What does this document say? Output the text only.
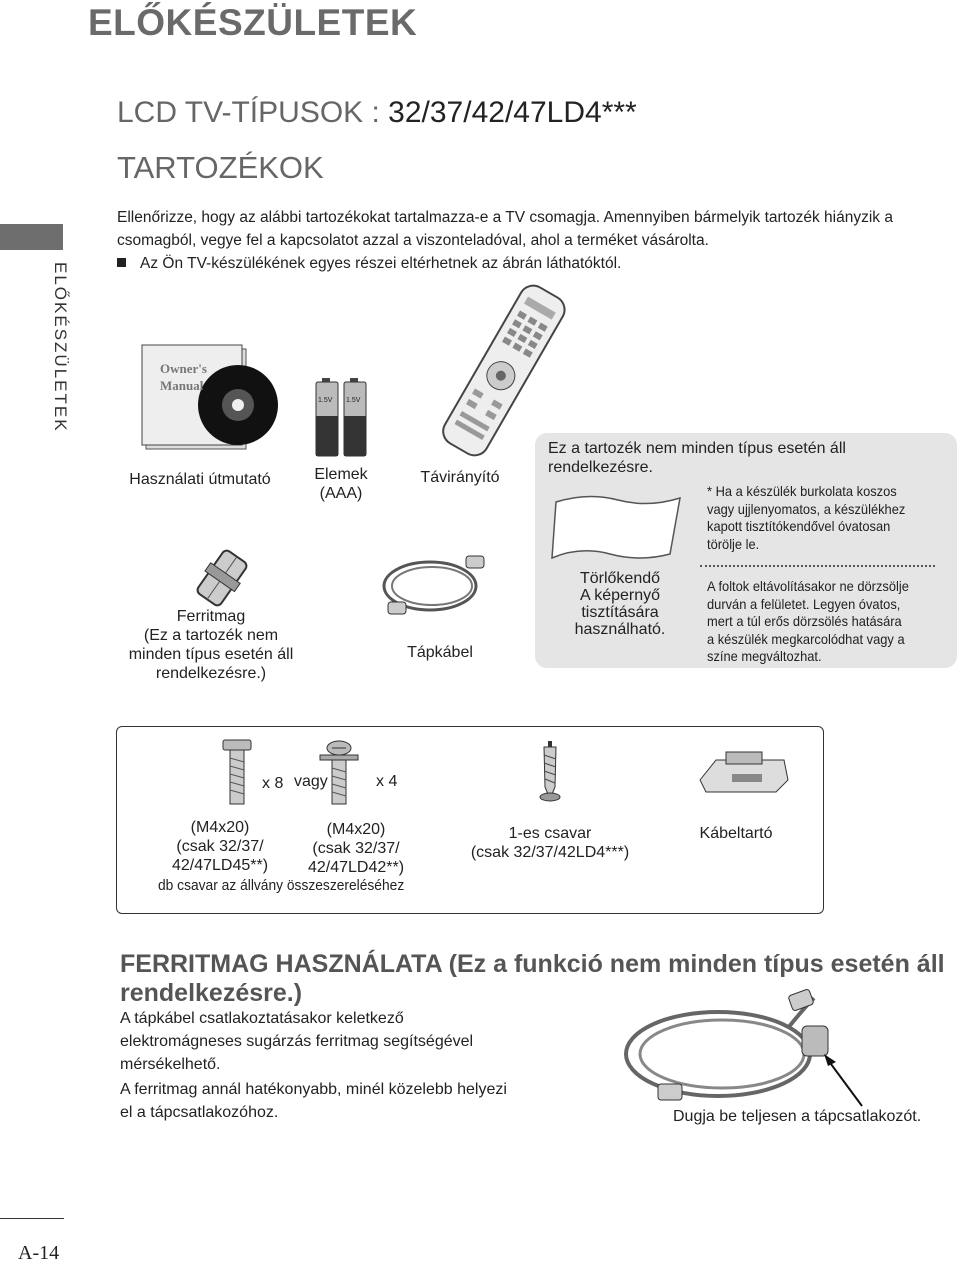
ELŐKÉSZÜLETEK
ELŐKÉSZÜLETEK
LCD TV-TÍPUSOK : 32/37/42/47LD4***
TARTOZÉKOK
Ellenőrizze, hogy az alábbi tartozékokat tartalmazza-e a TV csomagja. Amennyiben bármelyik tartozék hiányzik a csomagból, vegye fel a kapcsolatot azzal a viszonteladóval, ahol a terméket vásárolta.
Az Ön TV-készülékének egyes részei eltérhetnek az ábrán láthatóktól.
Owner's
Manual
Használati útmutató
1.5V 1.5V
Elemek
(AAA)
Távirányító
Ferritmag
(Ez a tartozék nem
minden típus esetén áll
rendelkezésre.)
Tápkábel
Ez a tartozék nem minden típus esetén áll
rendelkezésre.
Törlőkendő
A képernyő
tisztítására
használható.
* Ha a készülék burkolata koszos
vagy ujjlenyomatos, a készülékhez
kapott tisztítókendővel óvatosan
törölje le.
A foltok eltávolításakor ne dörzsölje
durván a felületet. Legyen óvatos,
mert a túl erős dörzsölés hatására
a készülék megkarcolódhat vagy a
színe megváltozhat.
x 8 vagy	x 4
(M4x20)
(csak 32/37/
42/47LD45**)
(M4x20)
(csak 32/37/
42/47LD42**)
db csavar az állvány összeszereléséhez
1-es csavar
(csak 32/37/42LD4***)
Kábeltartó
FERRITMAG HASZNÁLATA (Ez a funkció nem minden típus esetén áll rendelkezésre.)
A tápkábel csatlakoztatásakor keletkező
elektromágneses sugárzás ferritmag segítségével
mérsékelhető.
A ferritmag annál hatékonyabb, minél közelebb helyezi
el a tápcsatlakozóhoz.	Dugja be teljesen a tápcsatlakozót.
A-14
